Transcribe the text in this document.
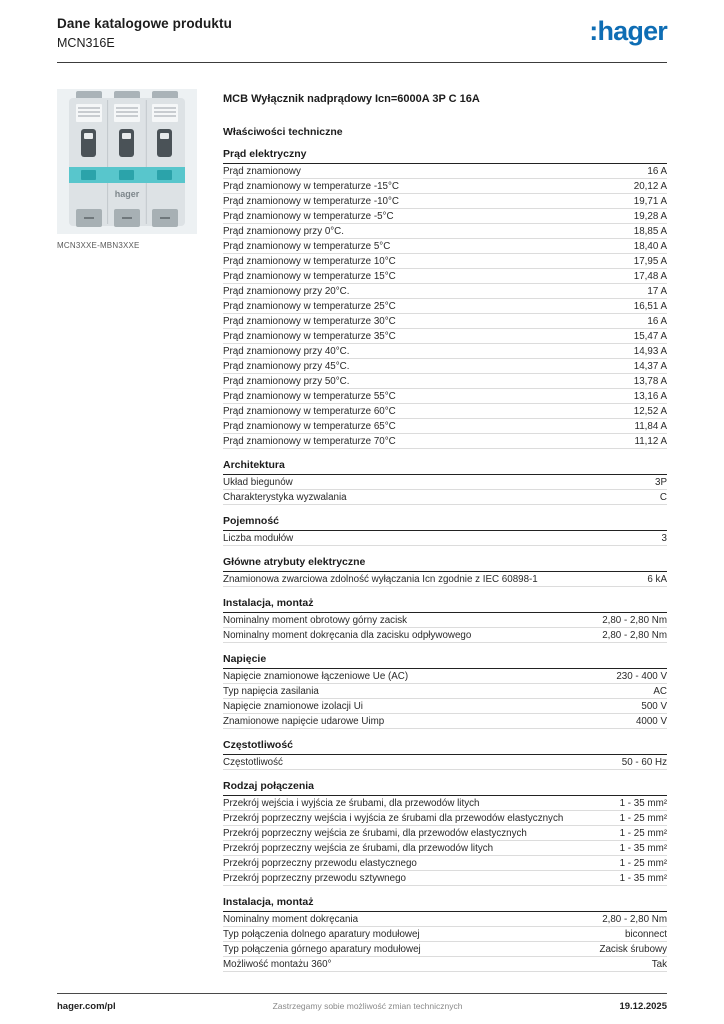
Dane katalogowe produktu
MCN316E	:hager
hager
MCN3XXE-MBN3XXE
MCB Wyłącznik nadprądowy Icn=6000A 3P C 16A
Właściwości techniczne
Prąd elektryczny
Prąd znamionowy	16 A
Prąd znamionowy w temperaturze -15°C	20,12 A
Prąd znamionowy w temperaturze -10°C	19,71 A
Prąd znamionowy w temperaturze -5°C	19,28 A
Prąd znamionowy przy 0°C.	18,85 A
Prąd znamionowy w temperaturze 5°C	18,40 A
Prąd znamionowy w temperaturze 10°C	17,95 A
Prąd znamionowy w temperaturze 15°C	17,48 A
Prąd znamionowy przy 20°C.	17 A
Prąd znamionowy w temperaturze 25°C	16,51 A
Prąd znamionowy w temperaturze 30°C	16 A
Prąd znamionowy w temperaturze 35°C	15,47 A
Prąd znamionowy przy 40°C.	14,93 A
Prąd znamionowy przy 45°C.	14,37 A
Prąd znamionowy przy 50°C.	13,78 A
Prąd znamionowy w temperaturze 55°C	13,16 A
Prąd znamionowy w temperaturze 60°C	12,52 A
Prąd znamionowy w temperaturze 65°C	11,84 A
Prąd znamionowy w temperaturze 70°C	11,12 A
Architektura
Układ biegunów	3P
Charakterystyka wyzwalania	C
Pojemność
Liczba modułów	3
Główne atrybuty elektryczne
Znamionowa zwarciowa zdolność wyłączania Icn zgodnie z IEC 60898-1	6 kA
Instalacja, montaż
Nominalny moment obrotowy górny zacisk	2,80 - 2,80 Nm
Nominalny moment dokręcania dla zacisku odpływowego	2,80 - 2,80 Nm
Napięcie
Napięcie znamionowe łączeniowe Ue (AC)	230 - 400 V
Typ napięcia zasilania	AC
Napięcie znamionowe izolacji Ui	500 V
Znamionowe napięcie udarowe Uimp	4000 V
Częstotliwość
Częstotliwość	50 - 60 Hz
Rodzaj połączenia
Przekrój wejścia i wyjścia ze śrubami, dla przewodów litych	1 - 35 mm²
Przekrój poprzeczny wejścia i wyjścia ze śrubami dla przewodów elastycznych	1 - 25 mm²
Przekrój poprzeczny wejścia ze śrubami, dla przewodów elastycznych	1 - 25 mm²
Przekrój poprzeczny wejścia ze śrubami, dla przewodów litych	1 - 35 mm²
Przekrój poprzeczny przewodu elastycznego	1 - 25 mm²
Przekrój poprzeczny przewodu sztywnego	1 - 35 mm²
Instalacja, montaż
Nominalny moment dokręcania	2,80 - 2,80 Nm
Typ połączenia dolnego aparatury modułowej	biconnect
Typ połączenia górnego aparatury modułowej	Zacisk śrubowy
Możliwość montażu 360°	Tak
hager.com/pl	Zastrzegamy sobie możliwość zmian technicznych	19.12.2025
